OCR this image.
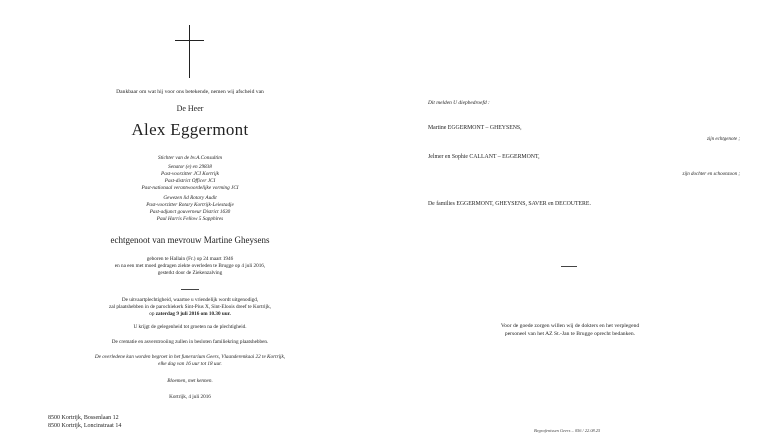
Dankbaar om wat hij voor ons betekende, nemen wij afscheid van
De Heer
Alex Eggermont
Stichter van de bv.A.Consultim
Senator (e) en 29838
Past-voorzitter JCI Kortrijk
Past-district Officer JCI
Past-nationaal verantwoordelijke vorming JCI
Gewezen lid Rotary Audit
Past-voorzitter Rotary Kortrijk-Leiestadje
Past-adjunct gouverneur District 1630
Paul Harris Fellow 5 Sapphires
echtgenoot van mevrouw Martine Gheysens
geboren te Hallain (Fr.) op 24 maart 1946
en na een met moed gedragen ziekte overleden te Brugge op 4 juli 2016,
gesterkt door de Ziekenzalving
De uitvaartplechtigheid, waartoe u vriendelijk wordt uitgenodigd,
zal plaatshebben in de parochiekerk Sint-Pius X, Sint-Eloois dreef te Kortrijk,
op zaterdag 9 juli 2016 om 10.30 uur.
U krijgt de gelegenheid tot groeten na de plechtigheid.
De crematie en asverstrooiing zullen in besloten familiekring plaatshebben.
De overledene kan worden begroet in het funerarium Geers, Vlaanderenkaai 22 te Kortrijk,
elke dag van 16 uur tot 18 uur.
Bloemen, met kennen.
Kortrijk, 4 juli 2016
8500 Kortrijk, Bossenlaan 12
8500 Kortrijk, Loncinstraat 14
Dit melden U diepbedroefd :
Martine EGGERMONT – GHEYSENS,
zijn echtgenote ;
Jelmer en Sophie CALLANT – EGGERMONT,
zijn dochter en schoonzoon ;
De families EGGERMONT, GHEYSENS, SAVER en DECOUTERE.
Voor de goede zorgen willen wij de dokters en het verplegend
personeel van het AZ St.-Jan te Brugge oprecht bedanken.
Begrafenissen Geers – 056 / 22.08.25
